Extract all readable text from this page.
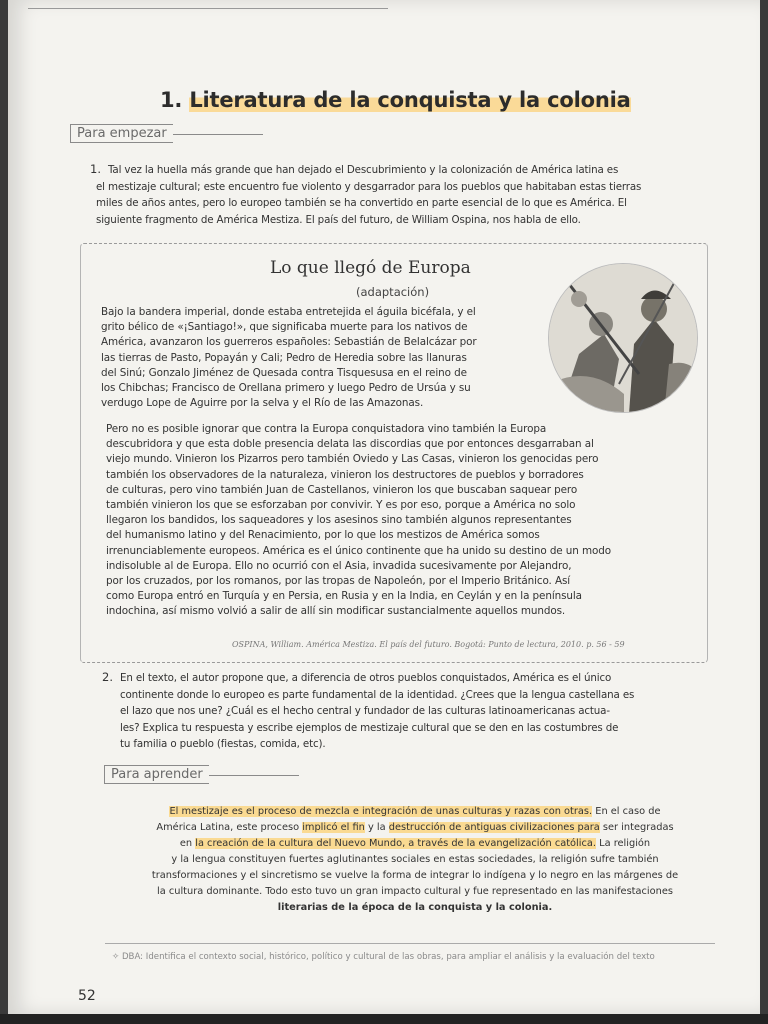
1. Literatura de la conquista y la colonia
Para empezar
1. Tal vez la huella más grande que han dejado el Descubrimiento y la colonización de América latina es
el mestizaje cultural; este encuentro fue violento y desgarrador para los pueblos que habitaban estas tierras
miles de años antes, pero lo europeo también se ha convertido en parte esencial de lo que es América. El
siguiente fragmento de América Mestiza. El país del futuro, de William Ospina, nos habla de ello.
Lo que llegó de Europa
(adaptación)
Bajo la bandera imperial, donde estaba entretejida el águila bicéfala, y el
grito bélico de «¡Santiago!», que significaba muerte para los nativos de
América, avanzaron los guerreros españoles: Sebastián de Belalcázar por
las tierras de Pasto, Popayán y Cali; Pedro de Heredia sobre las llanuras
del Sinú; Gonzalo Jiménez de Quesada contra Tisquesusa en el reino de
los Chibchas; Francisco de Orellana primero y luego Pedro de Ursúa y su
verdugo Lope de Aguirre por la selva y el Río de las Amazonas.
Pero no es posible ignorar que contra la Europa conquistadora vino también la Europa
descubridora y que esta doble presencia delata las discordias que por entonces desgarraban al
viejo mundo. Vinieron los Pizarros pero también Oviedo y Las Casas, vinieron los genocidas pero
también los observadores de la naturaleza, vinieron los destructores de pueblos y borradores
de culturas, pero vino también Juan de Castellanos, vinieron los que buscaban saquear pero
también vinieron los que se esforzaban por convivir. Y es por eso, porque a América no solo
llegaron los bandidos, los saqueadores y los asesinos sino también algunos representantes
del humanismo latino y del Renacimiento, por lo que los mestizos de América somos
irrenunciablemente europeos. América es el único continente que ha unido su destino de un modo
indisoluble al de Europa. Ello no ocurrió con el Asia, invadida sucesivamente por Alejandro,
por los cruzados, por los romanos, por las tropas de Napoleón, por el Imperio Británico. Así
como Europa entró en Turquía y en Persia, en Rusia y en la India, en Ceylán y en la península
indochina, así mismo volvió a salir de allí sin modificar sustancialmente aquellos mundos.
OSPINA, William. América Mestiza. El país del futuro. Bogotá: Punto de lectura, 2010. p. 56 - 59
2. En el texto, el autor propone que, a diferencia de otros pueblos conquistados, América es el único
continente donde lo europeo es parte fundamental de la identidad. ¿Crees que la lengua castellana es
el lazo que nos une? ¿Cuál es el hecho central y fundador de las culturas latinoamericanas actua-
les? Explica tu respuesta y escribe ejemplos de mestizaje cultural que se den en las costumbres de
tu familia o pueblo (fiestas, comida, etc).
Para aprender
El mestizaje es el proceso de mezcla e integración de unas culturas y razas con otras. En el caso de
América Latina, este proceso implicó el fin y la destrucción de antiguas civilizaciones para ser integradas
en la creación de la cultura del Nuevo Mundo, a través de la evangelización católica. La religión
y la lengua constituyen fuertes aglutinantes sociales en estas sociedades, la religión sufre también
transformaciones y el sincretismo se vuelve la forma de integrar lo indígena y lo negro en las márgenes de
la cultura dominante. Todo esto tuvo un gran impacto cultural y fue representado en las manifestaciones
literarias de la época de la conquista y la colonia.
✧ DBA: Identifica el contexto social, histórico, político y cultural de las obras, para ampliar el análisis y la evaluación del texto
52
